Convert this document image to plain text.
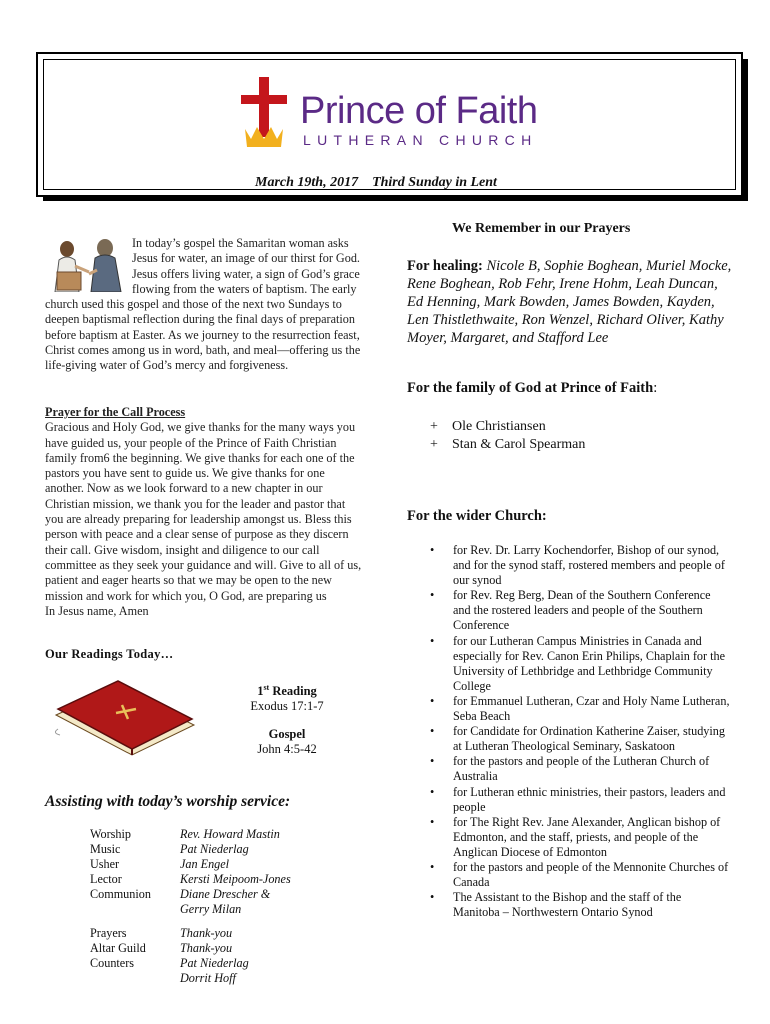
Prince of Faith
LUTHERAN CHURCH
March 19th, 2017 Third Sunday in Lent
In today’s gospel the Samaritan woman asks Jesus for water, an image of our thirst for God. Jesus offers living water, a sign of God’s grace flowing from the waters of baptism. The early church used this gospel and those of the next two Sundays to deepen baptismal reflection during the final days of preparation before baptism at Easter. As we journey to the resurrection feast, Christ comes among us in word, bath, and meal—offering us the life-giving water of God’s mercy and forgiveness.
Prayer for the Call Process
Gracious and Holy God, we give thanks for the many ways you have guided us, your people of the Prince of Faith Christian family from6 the beginning. We give thanks for each one of the pastors you have sent to guide us. We give thanks for one another. Now as we look forward to a new chapter in our Christian mission, we thank you for the leader and pastor that you are already preparing for leadership amongst us. Bless this person with peace and a clear sense of purpose as they discern their call. Give wisdom, insight and diligence to our call committee as they seek your guidance and will. Give to all of us, patient and eager hearts so that we may be open to the new mission and work for which you, O God, are preparing us
In Jesus name, Amen
Our Readings Today…
1st Reading
Exodus 17:1-7
Gospel
John 4:5-42
Assisting with today’s worship service:
Worship	Rev. Howard Mastin
Music	Pat Niederlag
Usher	Jan Engel
Lector	Kersti Meipoom-Jones
Communion	Diane Drescher &
Gerry Milan
Prayers	Thank-you
Altar Guild	Thank-you
Counters	Pat Niederlag
Dorrit Hoff
We Remember in our Prayers
For healing: Nicole B, Sophie Boghean, Muriel Mocke, Rene Boghean, Rob Fehr, Irene Hohm, Leah Duncan, Ed Henning, Mark Bowden, James Bowden, Kayden, Len Thistlethwaite, Ron Wenzel, Richard Oliver, Kathy Moyer, Margaret, and Stafford Lee
For the family of God at Prince of Faith:
+ Ole Christiansen
+ Stan & Carol Spearman
For the wider Church:
• for Rev. Dr. Larry Kochendorfer, Bishop of our synod, and for the synod staff, rostered members and people of our synod
• for Rev. Reg Berg, Dean of the Southern Conference and the rostered leaders and people of the Southern Conference
• for our Lutheran Campus Ministries in Canada and especially for Rev. Canon Erin Philips, Chaplain for the University of Lethbridge and Lethbridge Community College
• for Emmanuel Lutheran, Czar and Holy Name Lutheran, Seba Beach
• for Candidate for Ordination Katherine Zaiser, studying at Lutheran Theological Seminary, Saskatoon
• for the pastors and people of the Lutheran Church of Australia
• for Lutheran ethnic ministries, their pastors, leaders and people
• for The Right Rev. Jane Alexander, Anglican bishop of Edmonton, and the staff, priests, and people of the Anglican Diocese of Edmonton
• for the pastors and people of the Mennonite Churches of Canada
• The Assistant to the Bishop and the staff of the Manitoba – Northwestern Ontario Synod
